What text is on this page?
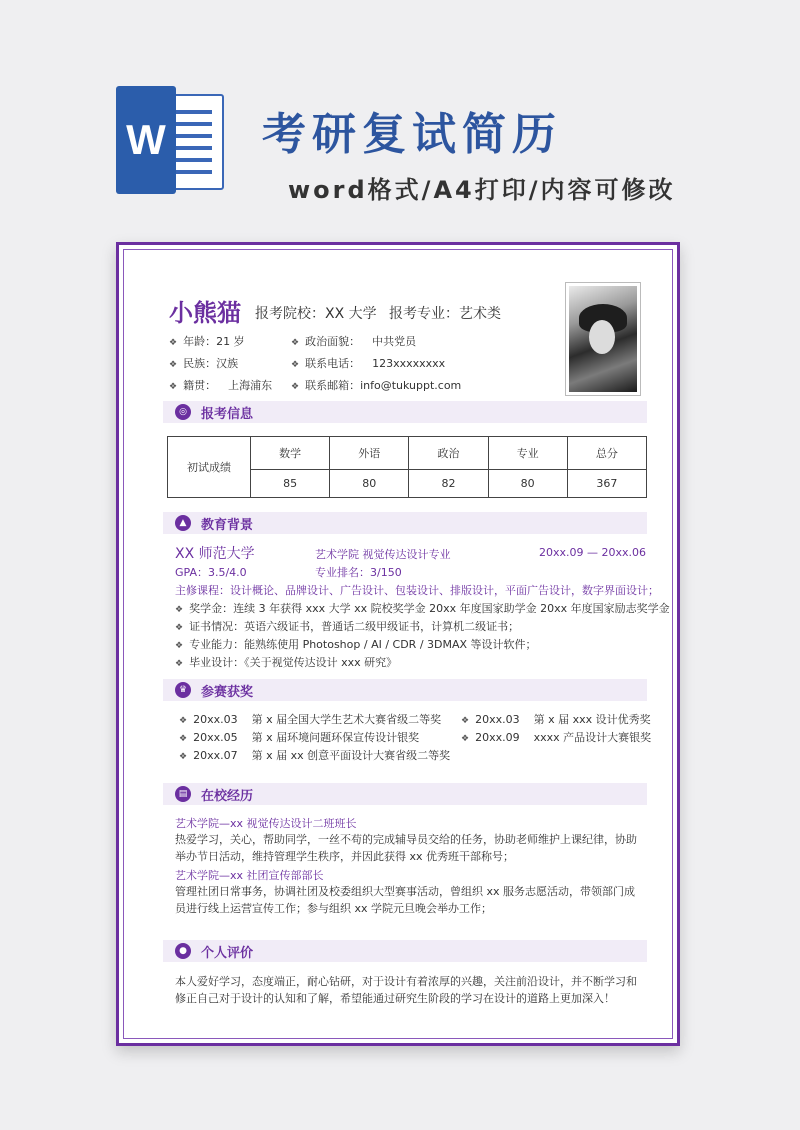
W 考研复试简历
word格式/A4打印/内容可修改
小熊猫 报考院校：XX 大学 报考专业：艺术类
❖ 年龄：21 岁	❖ 政治面貌： 中共党员
❖ 民族：汉族	❖ 联系电话： 123xxxxxxxx
❖ 籍贯： 上海浦东 ❖ 联系邮箱：info@tukuppt.com
◎	报考信息
初试成绩	数学	外语	政治	专业	总分
	85	80	82	80	367
▲	教育背景
XX 师范大学	艺术学院 视觉传达设计专业	20xx.09 — 20xx.06
GPA：3.5/4.0	专业排名：3/150
主修课程：设计概论、品牌设计、广告设计、包装设计、排版设计，平面广告设计，数字界面设计；
❖ 奖学金：连续 3 年获得 xxx 大学 xx 院校奖学金 20xx 年度国家助学金 20xx 年度国家励志奖学金
❖ 证书情况：英语六级证书，普通话二级甲级证书，计算机二级证书；
❖ 专业能力：能熟练使用 Photoshop / AI / CDR / 3DMAX 等设计软件；
❖ 毕业设计：《关于视觉传达设计 xxx 研究》
♛	参赛获奖
❖ 20xx.03 第 x 届全国大学生艺术大赛省级二等奖 ❖ 20xx.03 第 x 届 xxx 设计优秀奖
❖ 20xx.05 第 x 届环境问题环保宣传设计银奖	❖ 20xx.09 xxxx 产品设计大赛银奖
❖ 20xx.07 第 x 届 xx 创意平面设计大赛省级二等奖
▤ 在校经历
艺术学院—xx 视觉传达设计二班班长
热爱学习，关心，帮助同学，一丝不苟的完成辅导员交给的任务，协助老师维护上课纪律，协助举办节日活动，维持管理学生秩序，并因此获得 xx 优秀班干部称号；
艺术学院—xx 社团宣传部部长
管理社团日常事务，协调社团及校委组织大型赛事活动，曾组织 xx 服务志愿活动，带领部门成员进行线上运营宣传工作；参与组织 xx 学院元旦晚会举办工作；
●	个人评价
本人爱好学习，态度端正，耐心钻研，对于设计有着浓厚的兴趣，关注前沿设计，并不断学习和修正自己对于设计的认知和了解，希望能通过研究生阶段的学习在设计的道路上更加深入！
